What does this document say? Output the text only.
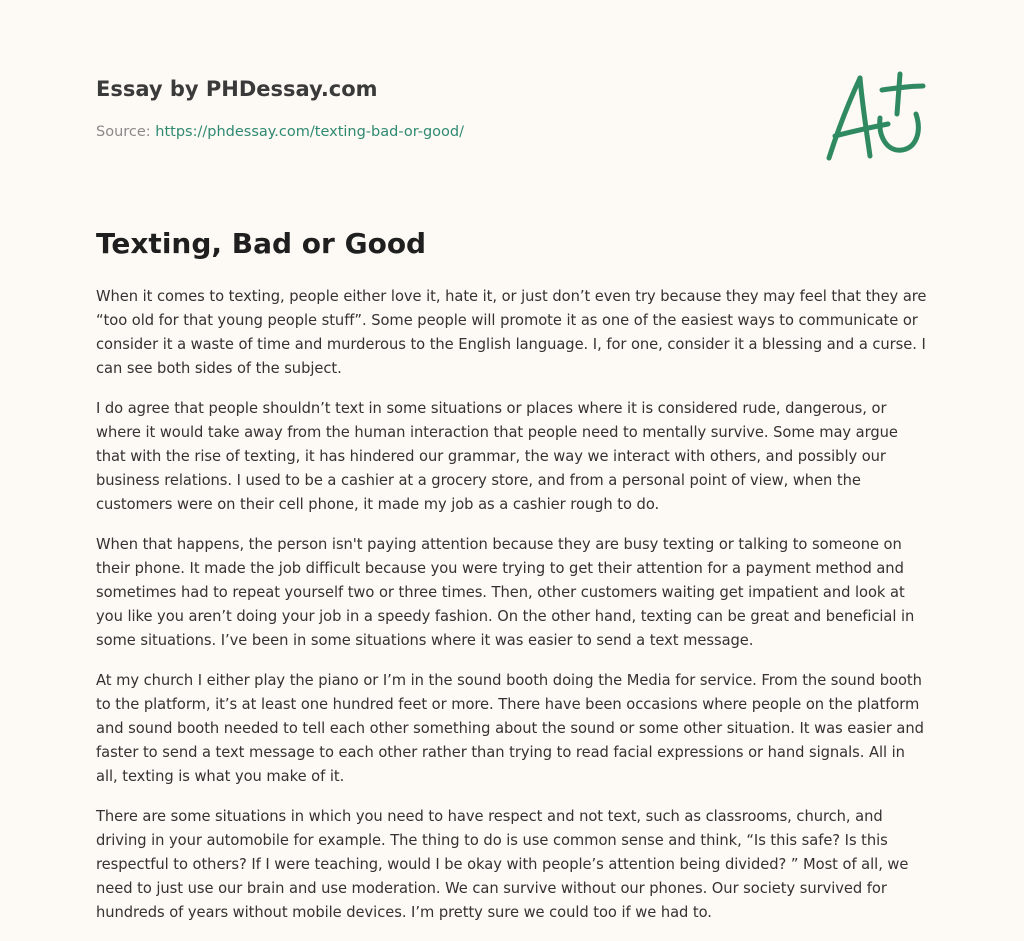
Essay by PHDessay.com
Source: https://phdessay.com/texting-bad-or-good/
Texting, Bad or Good

When it comes to texting, people either love it, hate it, or just don’t even try because they may feel that they are “too old for that young people stuff”. Some people will promote it as one of the easiest ways to communicate or consider it a waste of time and murderous to the English language. I, for one, consider it a blessing and a curse. I can see both sides of the subject.

I do agree that people shouldn’t text in some situations or places where it is considered rude, dangerous, or where it would take away from the human interaction that people need to mentally survive. Some may argue that with the rise of texting, it has hindered our grammar, the way we interact with others, and possibly our business relations. I used to be a cashier at a grocery store, and from a personal point of view, when the customers were on their cell phone, it made my job as a cashier rough to do.

When that happens, the person isn't paying attention because they are busy texting or talking to someone on their phone. It made the job difficult because you were trying to get their attention for a payment method and sometimes had to repeat yourself two or three times. Then, other customers waiting get impatient and look at you like you aren’t doing your job in a speedy fashion. On the other hand, texting can be great and beneficial in some situations. I’ve been in some situations where it was easier to send a text message.

At my church I either play the piano or I’m in the sound booth doing the Media for service. From the sound booth to the platform, it’s at least one hundred feet or more. There have been occasions where people on the platform and sound booth needed to tell each other something about the sound or some other situation. It was easier and faster to send a text message to each other rather than trying to read facial expressions or hand signals. All in all, texting is what you make of it.

There are some situations in which you need to have respect and not text, such as classrooms, church, and driving in your automobile for example. The thing to do is use common sense and think, “Is this safe? Is this respectful to others? If I were teaching, would I be okay with people’s attention being divided? ” Most of all, we need to just use our brain and use moderation. We can survive without our phones. Our society survived for hundreds of years without mobile devices. I’m pretty sure we could too if we had to.
